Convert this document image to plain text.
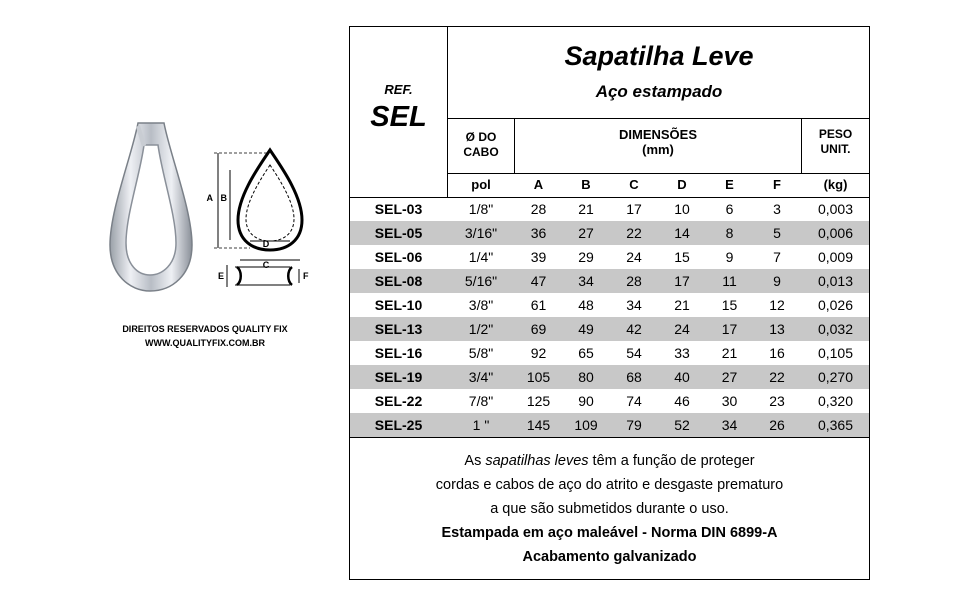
A B
C
D
E	F
DIREITOS RESERVADOS QUALITY FIX
WWW.QUALITYFIX.COM.BR
REF.
SEL
Sapatilha Leve
Aço estampado
Ø DO
CABO
DIMENSÕES
(mm)
PESO
UNIT.
pol	A	B	C	D	E	F	(kg)
SEL-03	1/8"	28	21	17	10	6	3	0,003
SEL-05	3/16"	36	27	22	14	8	5	0,006
SEL-06	1/4"	39	29	24	15	9	7	0,009
SEL-08	5/16"	47	34	28	17	11	9	0,013
SEL-10	3/8"	61	48	34	21	15	12	0,026
SEL-13	1/2"	69	49	42	24	17	13	0,032
SEL-16	5/8"	92	65	54	33	21	16	0,105
SEL-19	3/4"	105	80	68	40	27	22	0,270
SEL-22	7/8"	125	90	74	46	30	23	0,320
SEL-25	1 "	145	109	79	52	34	26	0,365
As sapatilhas leves têm a função de proteger
cordas e cabos de aço do atrito e desgaste prematuro
a que são submetidos durante o uso.
Estampada em aço maleável - Norma DIN 6899-A
Acabamento galvanizado
